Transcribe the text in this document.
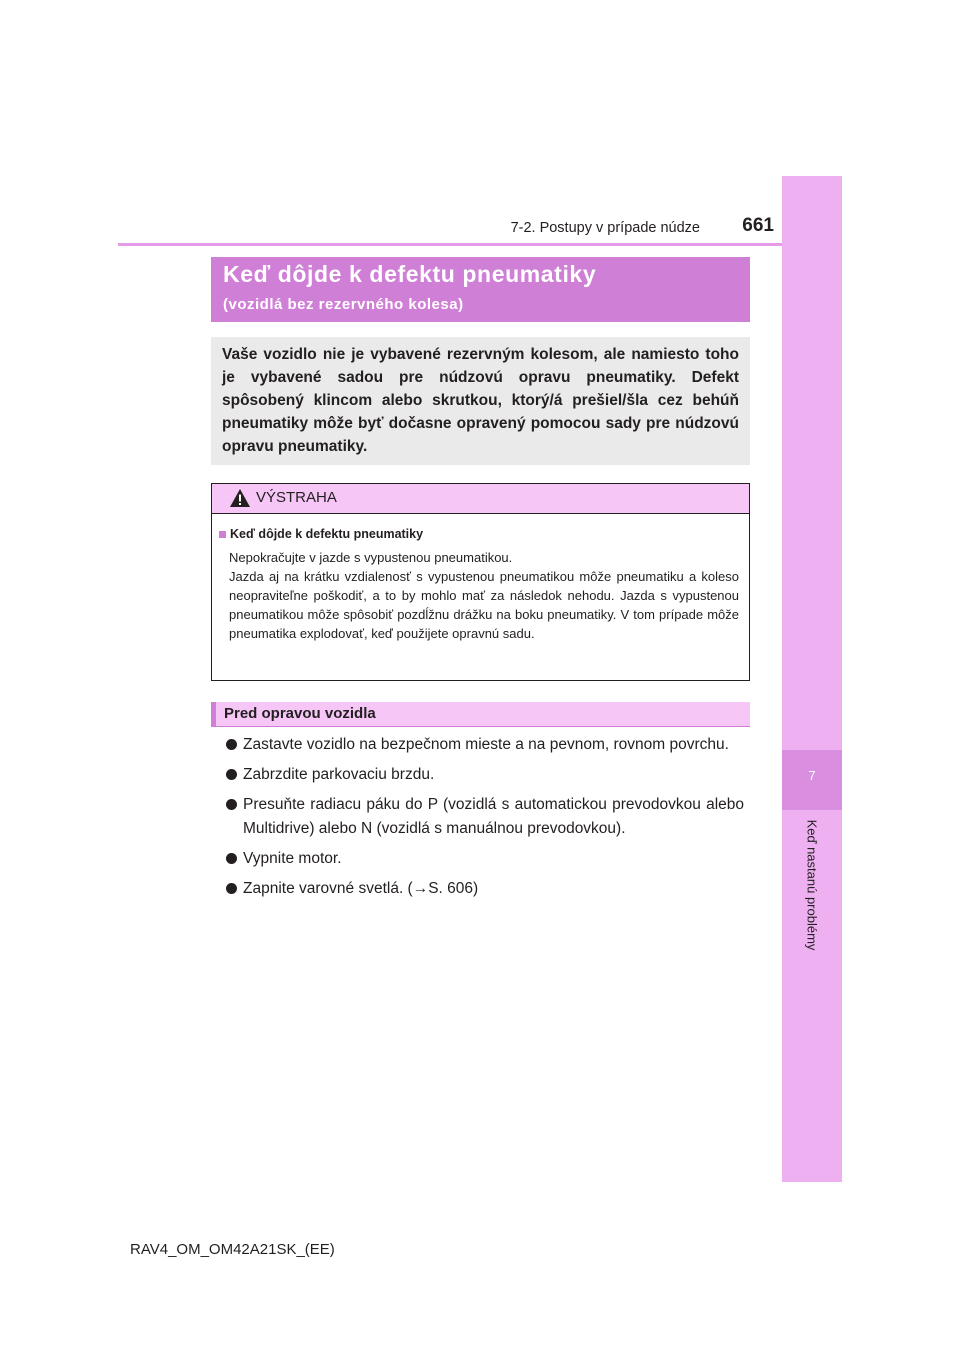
7
Keď nastanú problémy
7-2. Postupy v prípade núdze	661
Keď dôjde k defektu pneumatiky
(vozidlá bez rezervného kolesa)
Vaše vozidlo nie je vybavené rezervným kolesom, ale namiesto toho je vybavené sadou pre núdzovú opravu pneumatiky. Defekt spôsobený klincom alebo skrutkou, ktorý/á prešiel/šla cez behúň pneumatiky môže byť dočasne opravený pomocou sady pre núdzovú opravu pneumatiky.
VÝSTRAHA
Keď dôjde k defektu pneumatiky

Nepokračujte v jazde s vypustenou pneumatikou.

Jazda aj na krátku vzdialenosť s vypustenou pneumatikou môže pneumatiku a koleso neopraviteľne poškodiť, a to by mohlo mať za následok nehodu. Jazda s vypustenou pneumatikou môže spôsobiť pozdĺžnu drážku na boku pneumatiky. V tom prípade môže pneumatika explodovať, keď použijete opravnú sadu.

Pred opravou vozidla
Zastavte vozidlo na bezpečnom mieste a na pevnom, rovnom povrchu.
Zabrzdite parkovaciu brzdu.
Presuňte radiacu páku do P (vozidlá s automatickou prevodovkou alebo Multidrive) alebo N (vozidlá s manuálnou prevodovkou).
Vypnite motor.
Zapnite varovné svetlá. (→S. 606)
RAV4_OM_OM42A21SK_(EE)
